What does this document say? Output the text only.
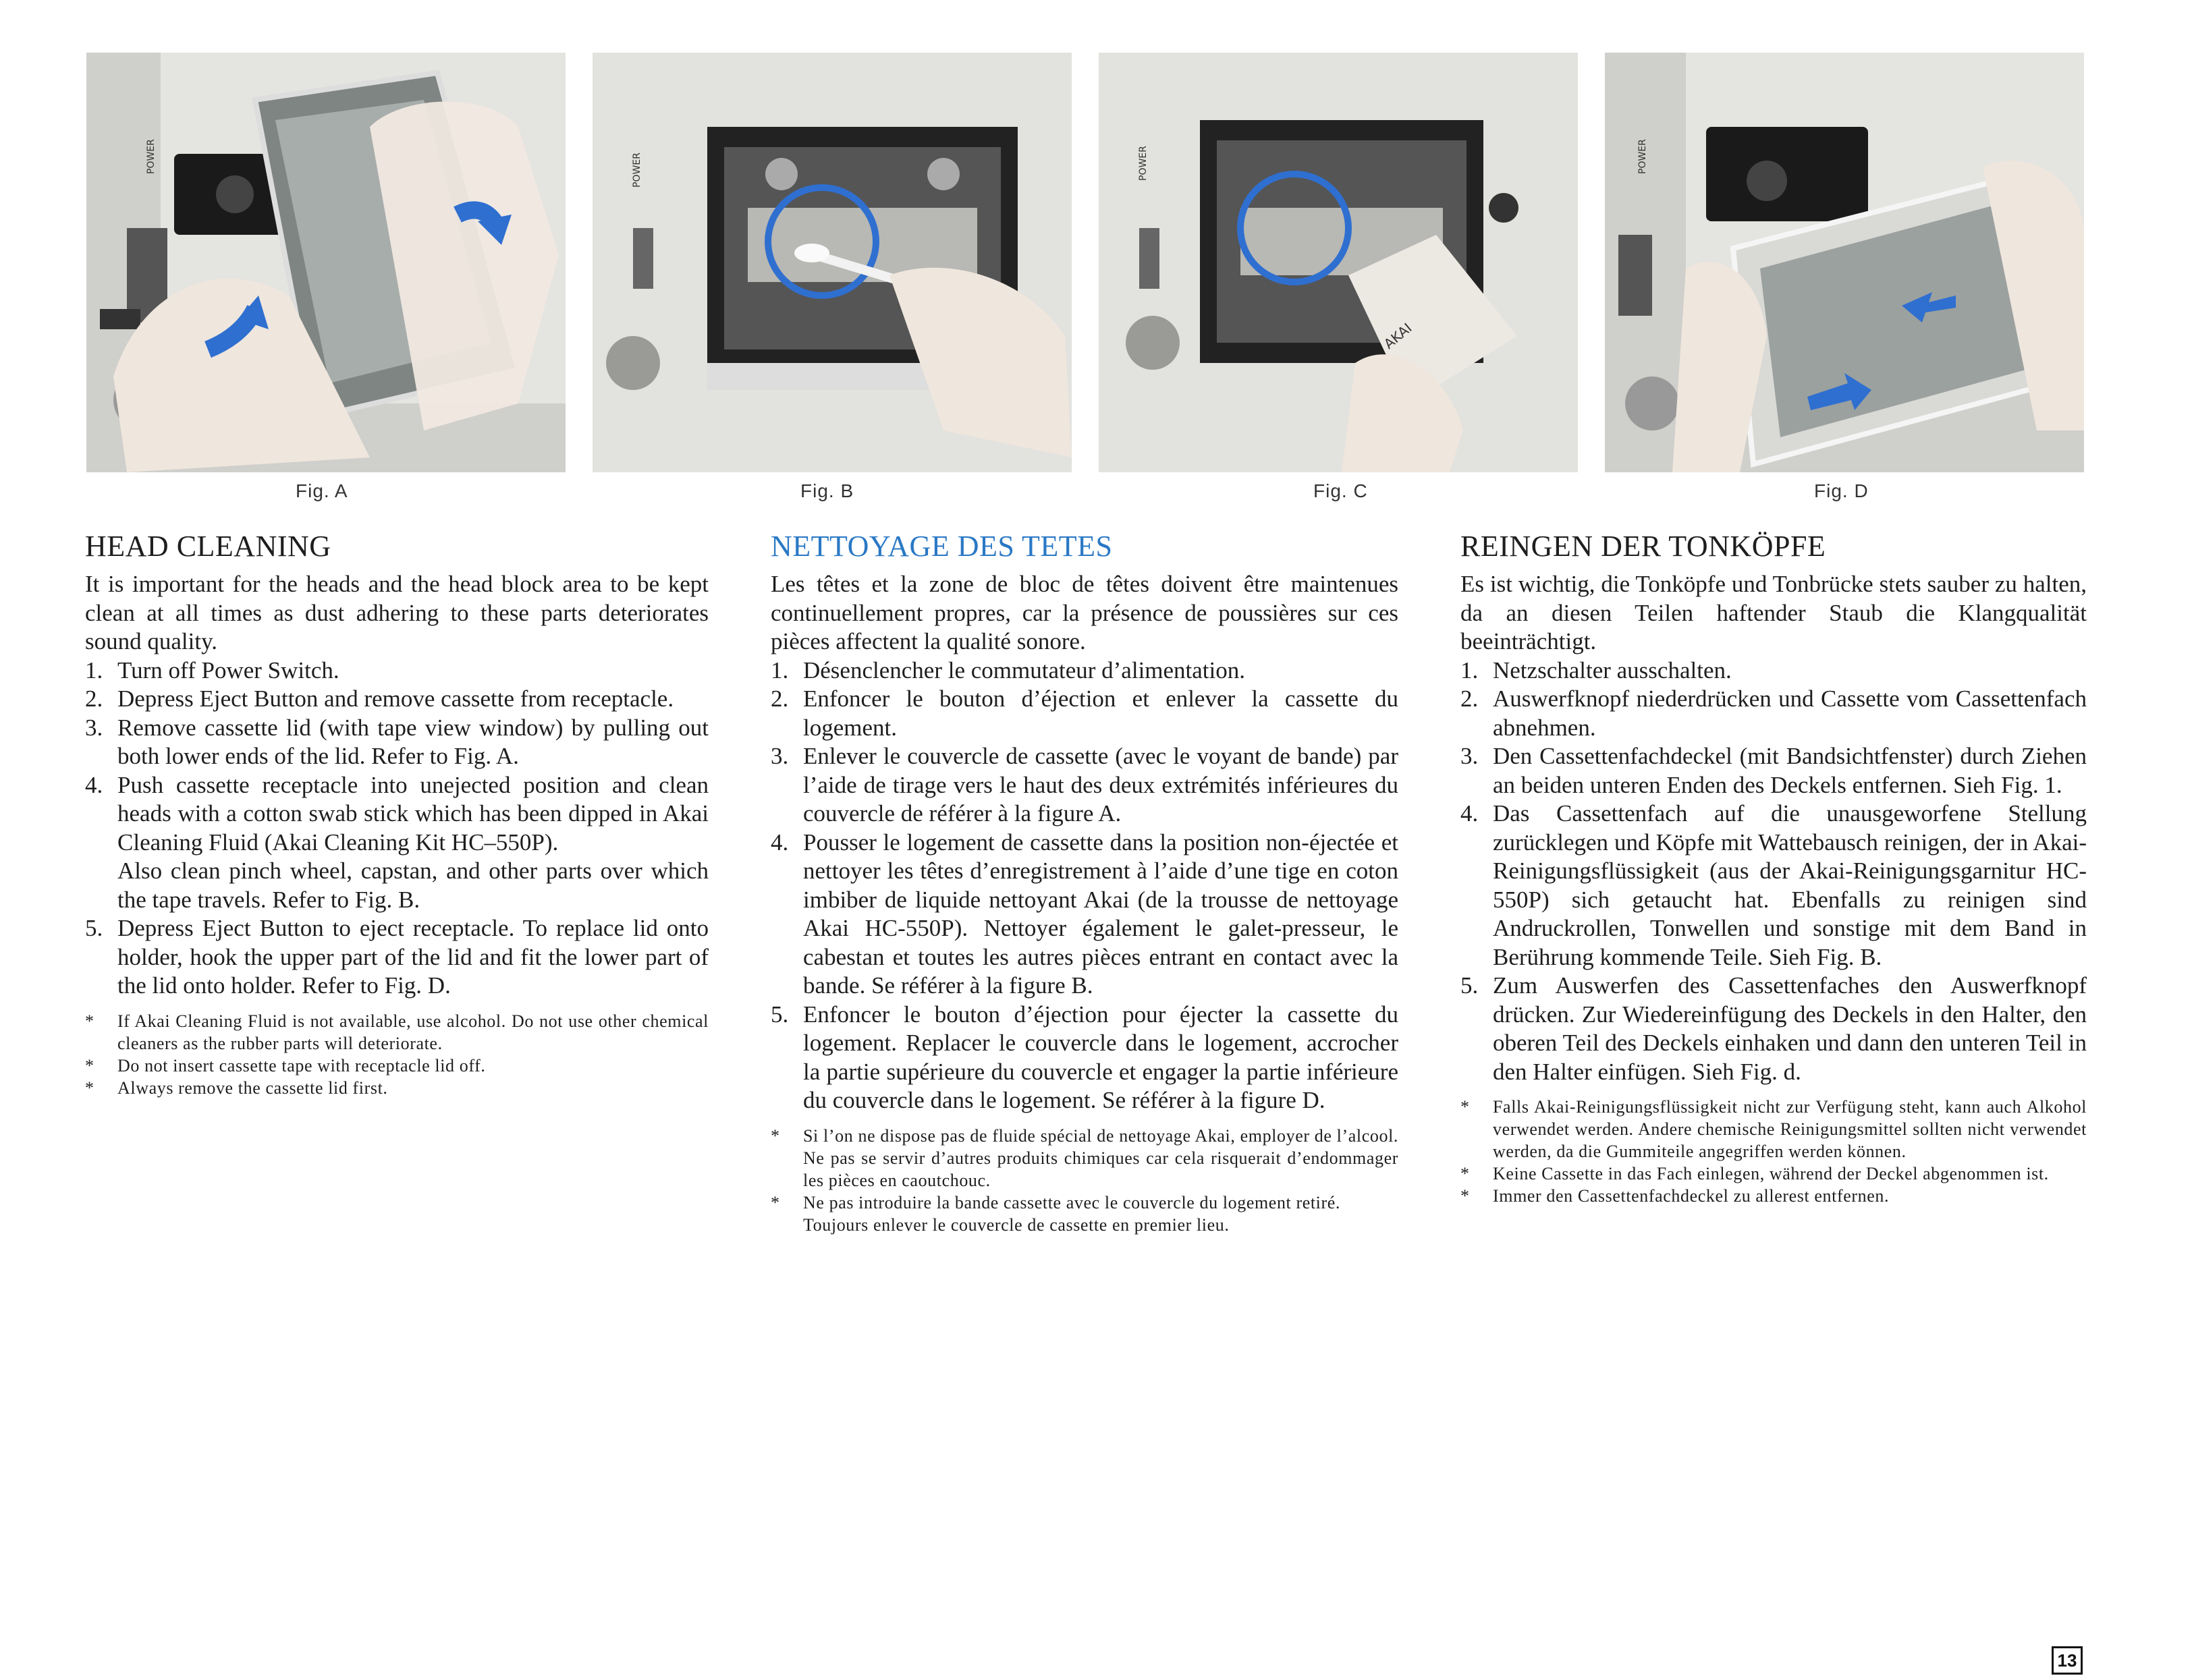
POWER	POWER	POWER
AKAI
POWER
Fig. A	Fig. B	Fig. C	Fig. D
HEAD CLEANING

It is important for the heads and the head block area to be kept clean at all times as dust adhering to these parts deteriorates sound quality.

1. Turn off Power Switch.
2. Depress Eject Button and remove cassette from receptacle.
3. Remove cassette lid (with tape view window) by pulling out both lower ends of the lid. Refer to Fig. A.
4. Push cassette receptacle into unejected position and clean heads with a cotton swab stick which has been dipped in Akai Cleaning Fluid (Akai Cleaning Kit HC–550P).
Also clean pinch wheel, capstan, and other parts over which the tape travels. Refer to Fig. B.
5. Depress Eject Button to eject receptacle. To replace lid onto holder, hook the upper part of the lid and fit the lower part of the lid onto holder. Refer to Fig. D.
* If Akai Cleaning Fluid is not available, use alcohol. Do not use other chemical cleaners as the rubber parts will deteriorate.
* Do not insert cassette tape with receptacle lid off.
* Always remove the cassette lid first.
NETTOYAGE DES TETES

Les têtes et la zone de bloc de têtes doivent être maintenues continuellement propres, car la présence de poussières sur ces pièces affectent la qualité sonore.

1. Désenclencher le commutateur d’alimentation.
2. Enfoncer le bouton d’éjection et enlever la cassette du logement.
3. Enlever le couvercle de cassette (avec le voyant de bande) par l’aide de tirage vers le haut des deux extrémités inférieures du couvercle de référer à la figure A.
4. Pousser le logement de cassette dans la position non-éjectée et nettoyer les têtes d’enregistrement à l’aide d’une tige en coton imbiber de liquide nettoyant Akai (de la trousse de nettoyage Akai HC-550P). Nettoyer également le galet-presseur, le cabestan et toutes les autres pièces entrant en contact avec la bande. Se référer à la figure B.
5. Enfoncer le bouton d’éjection pour éjecter la cassette du logement. Replacer le couvercle dans le logement, accrocher la partie supérieure du couvercle et engager la partie inférieure du couvercle dans le logement. Se référer à la figure D.
* Si l’on ne dispose pas de fluide spécial de nettoyage Akai, employer de l’alcool. Ne pas se servir d’autres produits chimiques car cela risquerait d’endommager les pièces en caoutchouc.
* Ne pas introduire la bande cassette avec le couvercle du logement retiré.
Toujours enlever le couvercle de cassette en premier lieu.
REINGEN DER TONKÖPFE

Es ist wichtig, die Tonköpfe und Tonbrücke stets sauber zu halten, da an diesen Teilen haftender Staub die Klangqualität beeinträchtigt.

1. Netzschalter ausschalten.
2. Auswerfknopf niederdrücken und Cassette vom Cassettenfach abnehmen.
3. Den Cassettenfachdeckel (mit Bandsichtfenster) durch Ziehen an beiden unteren Enden des Deckels entfernen. Sieh Fig. 1.
4. Das Cassettenfach auf die unausgeworfene Stellung zurücklegen und Köpfe mit Wattebausch reinigen, der in Akai-Reinigungsflüssigkeit (aus der Akai-Reinigungsgarnitur HC-550P) sich getaucht hat. Ebenfalls zu reinigen sind Andruckrollen, Tonwellen und sonstige mit dem Band in Berührung kommende Teile. Sieh Fig. B.
5. Zum Auswerfen des Cassettenfaches den Auswerfknopf drücken. Zur Wiedereinfügung des Deckels in den Halter, den oberen Teil des Deckels einhaken und dann den unteren Teil in den Halter einfügen. Sieh Fig. d.
* Falls Akai-Reinigungsflüssigkeit nicht zur Verfügung steht, kann auch Alkohol verwendet werden. Andere chemische Reinigungsmittel sollten nicht verwendet werden, da die Gummiteile angegriffen werden können.
* Keine Cassette in das Fach einlegen, während der Deckel abgenommen ist.
* Immer den Cassettenfachdeckel zu allerest entfernen.
13
